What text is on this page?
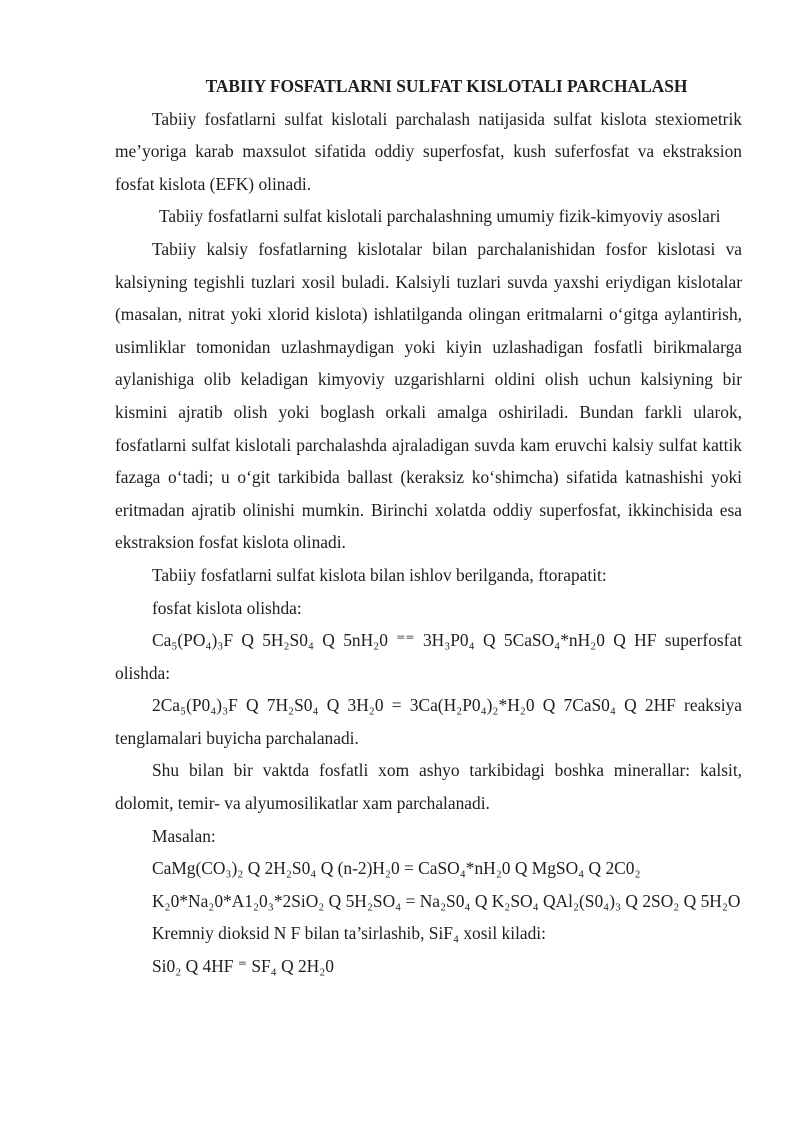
TABIIY FOSFATLARNI SULFAT KISLOTALI PARCHALASH

Tabiiy fosfatlarni sulfat kislotali parchalash natijasida sulfat kislota stexiometrik me’yoriga karab maxsulot sifatida oddiy superfosfat, kush suferfosfat va ekstraksion fosfat kislota (EFK) olinadi.

Tabiiy fosfatlarni sulfat kislotali parchalashning umumiy fizik-kimyoviy asoslari

Tabiiy kalsiy fosfatlarning kislotalar bilan parchalanishidan fosfor kislotasi va kalsiyning tegishli tuzlari xosil buladi. Kalsiyli tuzlari suvda yaxshi eriydigan kislotalar (masalan, nitrat yoki xlorid kislota) ishlatilganda olingan eritmalarni o‘gitga aylantirish, usimliklar tomonidan uzlashmaydigan yoki kiyin uzlashadigan fosfatli birikmalarga aylanishiga olib keladigan kimyoviy uzgarishlarni oldini olish uchun kalsiyning bir kismini ajratib olish yoki boglash orkali amalga oshiriladi. Bundan farkli ularok, fosfatlarni sulfat kislotali parchalashda ajraladigan suvda kam eruvchi kalsiy sulfat kattik fazaga o‘tadi; u o‘git tarkibida ballast (keraksiz ko‘shimcha) sifatida katnashishi yoki eritmadan ajratib olinishi mumkin. Birinchi xolatda oddiy superfosfat, ikkinchisida esa ekstraksion fosfat kislota olinadi.

Tabiiy fosfatlarni sulfat kislota bilan ishlov berilganda, ftorapatit:

fosfat kislota olishda:

Ca₅(PO₄)₃F Q 5H₂S0₄ Q 5nH₂0 ⁼⁼ 3H₃P0₄ Q 5CaSO₄*nH₂0 Q HF superfosfat olishda:

2Ca₅(P0₄)₃F Q 7H₂S0₄ Q 3H₂0 = 3Ca(H₂P0₄)₂*H₂0 Q 7CaS0₄ Q 2HF reaksiya tenglamalari buyicha parchalanadi.

Shu bilan bir vaktda fosfatli xom ashyo tarkibidagi boshka minerallar: kalsit, dolomit, temir- va alyumosilikatlar xam parchalanadi.

Masalan:

CaMg(CO₃)₂ Q 2H₂S0₄ Q (n-2)H₂0 = CaSO₄*nH₂0 Q MgSO₄ Q 2C0₂

K₂0*Na₂0*A1₂0₃*2SiO₂ Q 5H₂SO₄ = Na₂S0₄ Q K₂SO₄ QAl₂(S0₄)₃ Q 2SO₂ Q 5H₂O

Kremniy dioksid N F bilan ta’sirlashib, SiF₄ xosil kiladi:

Si0₂ Q 4HF ⁼ SF₄ Q 2H₂0
